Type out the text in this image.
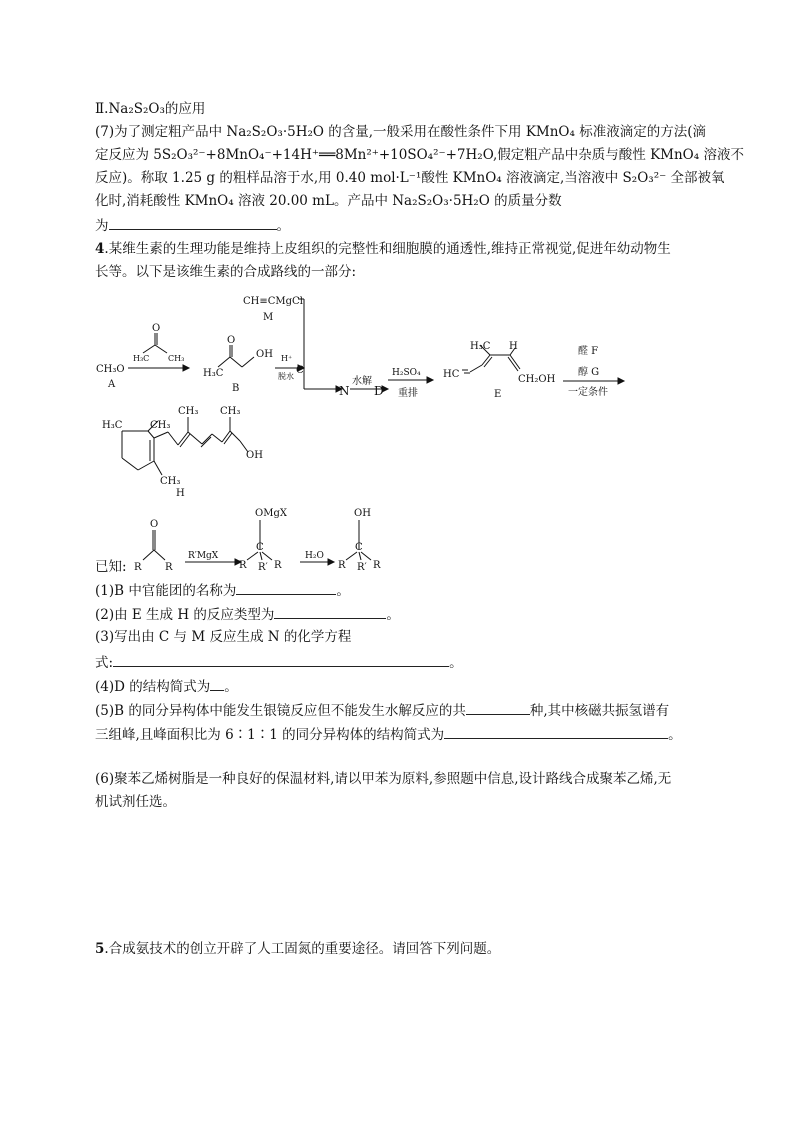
Ⅱ.Na₂S₂O₃的应用
(7)为了测定粗产品中 Na₂S₂O₃·5H₂O 的含量,一般采用在酸性条件下用 KMnO₄ 标准液滴定的方法(滴
定反应为 5S₂O₃²⁻+8MnO₄⁻+14H⁺══8Mn²⁺+10SO₄²⁻+7H₂O,假定粗产品中杂质与酸性 KMnO₄ 溶液不
反应)。称取 1.25 g 的粗样品溶于水,用 0.40 mol·L⁻¹酸性 KMnO₄ 溶液滴定,当溶液中 S₂O₃²⁻ 全部被氧
化时,消耗酸性 KMnO₄ 溶液 20.00 mL。产品中 Na₂S₂O₃·5H₂O 的质量分数
为	。
4.某维生素的生理功能是维持上皮组织的完整性和细胞膜的通透性,维持正常视觉,促进年幼动物生
长等。以下是该维生素的合成路线的一部分:
CH≡CMgCl
M
CH₃O
A
H₃C CH₃
O
O
H₃C
OH
B
H⁺
脱水
C
N
水解
D
H₂SO₄
重排
H₃C H
HC	CH₂OH
E
醛 F
醇 G
一定条件
H₃C	CH₃
CH₃ CH₃
OH
CH₃
H
O
R R
R′MgX
OMgX
C
R R′ R
H₂O
OH
C
R R′ R
已知:
(1)B 中官能团的名称为	。
(2)由 E 生成 H 的反应类型为	。
(3)写出由 C 与 M 反应生成 N 的化学方程
式:	。
(4)D 的结构简式为 。
(5)B 的同分异构体中能发生银镜反应但不能发生水解反应的共	种,其中核磁共振氢谱有
三组峰,且峰面积比为 6∶1∶1 的同分异构体的结构简式为	。
(6)聚苯乙烯树脂是一种良好的保温材料,请以甲苯为原料,参照题中信息,设计路线合成聚苯乙烯,无
机试剂任选。
5.合成氨技术的创立开辟了人工固氮的重要途径。请回答下列问题。
